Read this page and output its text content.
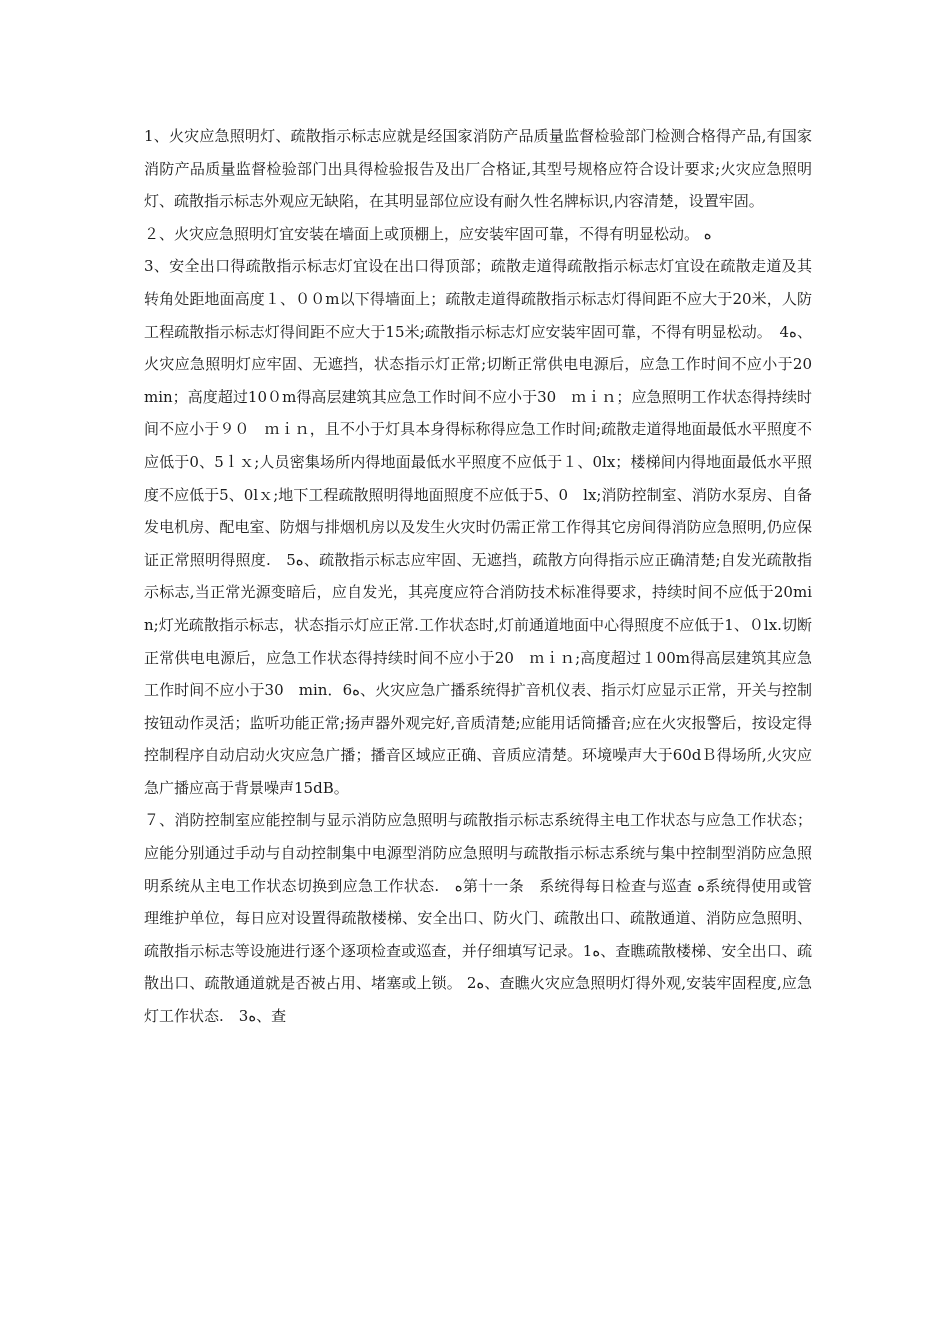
1、火灾应急照明灯、疏散指示标志应就是经国家消防产品质量监督检验部门检测合格得产品,有国家消防产品质量监督检验部门出具得检验报告及出厂合格证,其型号规格应符合设计要求;火灾应急照明灯、疏散指示标志外观应无缺陷，在其明显部位应设有耐久性名牌标识,内容清楚，设置牢固。

２、火灾应急照明灯宜安装在墙面上或顶棚上，应安装牢固可靠，不得有明显松动。 ﻩ

3、安全出口得疏散指示标志灯宜设在出口得顶部；疏散走道得疏散指示标志灯宜设在疏散走道及其转角处距地面高度１、００m以下得墙面上；疏散走道得疏散指示标志灯得间距不应大于20米，人防工程疏散指示标志灯得间距不应大于15米;疏散指示标志灯应安装牢固可靠，不得有明显松动。　4ﻩ、火灾应急照明灯应牢固、无遮挡，状态指示灯正常;切断正常供电电源后，应急工作时间不应小于20　min；高度超过10０m得高层建筑其应急工作时间不应小于30　ｍｉｎ；应急照明工作状态得持续时间不应小于９０　ｍｉｎ，且不小于灯具本身得标称得应急工作时间;疏散走道得地面最低水平照度不应低于0、5ｌｘ;人员密集场所内得地面最低水平照度不应低于１、0lx；楼梯间内得地面最低水平照度不应低于5、0lｘ;地下工程疏散照明得地面照度不应低于5、0　lx;消防控制室、消防水泵房、自备发电机房、配电室、防烟与排烟机房以及发生火灾时仍需正常工作得其它房间得消防应急照明,仍应保证正常照明得照度.　5ﻩ、疏散指示标志应牢固、无遮挡，疏散方向得指示应正确清楚;自发光疏散指示标志,当正常光源变暗后，应自发光，其亮度应符合消防技术标准得要求，持续时间不应低于20min;灯光疏散指示标志，状态指示灯应正常.工作状态时,灯前通道地面中心得照度不应低于1、０lx.切断正常供电电源后，应急工作状态得持续时间不应小于20　ｍｉｎ;高度超过１00m得高层建筑其应急工作时间不应小于30　min．6ﻩ、火灾应急广播系统得扩音机仪表、指示灯应显示正常，开关与控制按钮动作灵活；监听功能正常;扬声器外观完好,音质清楚;应能用话筒播音;应在火灾报警后，按设定得控制程序自动启动火灾应急广播；播音区域应正确、音质应清楚。环境噪声大于60dＢ得场所,火灾应急广播应高于背景噪声15dB。

７、消防控制室应能控制与显示消防应急照明与疏散指示标志系统得主电工作状态与应急工作状态；应能分别通过手动与自动控制集中电源型消防应急照明与疏散指示标志系统与集中控制型消防应急照明系统从主电工作状态切换到应急工作状态.　ﻩ第十一条　系统得每日检查与巡查 ﻩ系统得使用或管理维护单位，每日应对设置得疏散楼梯、安全出口、防火门、疏散出口、疏散通道、消防应急照明、疏散指示标志等设施进行逐个逐项检查或巡查，并仔细填写记录。1ﻩ、查瞧疏散楼梯、安全出口、疏散出口、疏散通道就是否被占用、堵塞或上锁。 2ﻩ、查瞧火灾应急照明灯得外观,安装牢固程度,应急灯工作状态.　3ﻩ、查
